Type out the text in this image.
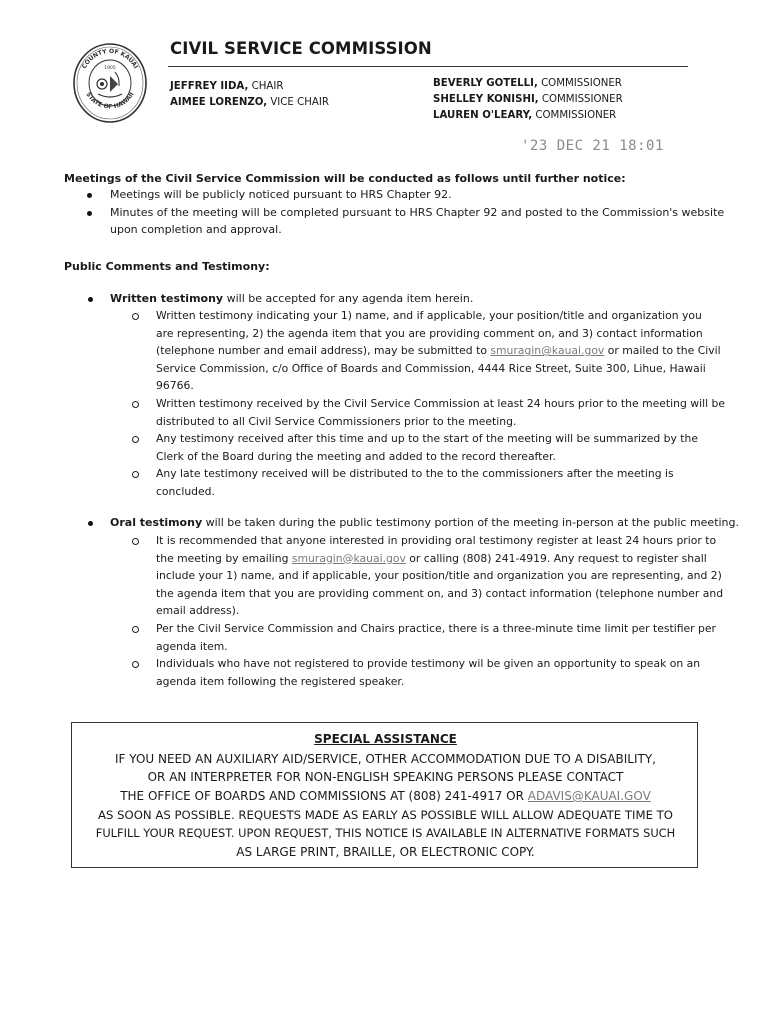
COUNTY OF KAUAI
STATE OF HAWAII
1905
CIVIL SERVICE COMMISSION
JEFFREY IIDA, CHAIR
AIMEE LORENZO, VICE CHAIR
BEVERLY GOTELLI, COMMISSIONER
SHELLEY KONISHI, COMMISSIONER
LAUREN O'LEARY, COMMISSIONER
'23 DEC 21 18:01
Meetings of the Civil Service Commission will be conducted as follows until further notice:
Meetings will be publicly noticed pursuant to HRS Chapter 92.
Minutes of the meeting will be completed pursuant to HRS Chapter 92 and posted to the Commission's website
upon completion and approval.
Public Comments and Testimony:
Written testimony will be accepted for any agenda item herein.
Written testimony indicating your 1) name, and if applicable, your position/title and organization you
are representing, 2) the agenda item that you are providing comment on, and 3) contact information
(telephone number and email address), may be submitted to smuragin@kauai.gov or mailed to the Civil
Service Commission, c/o Office of Boards and Commission, 4444 Rice Street, Suite 300, Lihue, Hawaii
96766.
Written testimony received by the Civil Service Commission at least 24 hours prior to the meeting will be
distributed to all Civil Service Commissioners prior to the meeting.
Any testimony received after this time and up to the start of the meeting will be summarized by the
Clerk of the Board during the meeting and added to the record thereafter.
Any late testimony received will be distributed to the to the commissioners after the meeting is
concluded.
Oral testimony will be taken during the public testimony portion of the meeting in-person at the public meeting.
It is recommended that anyone interested in providing oral testimony register at least 24 hours prior to
the meeting by emailing smuragin@kauai.gov or calling (808) 241-4919. Any request to register shall
include your 1) name, and if applicable, your position/title and organization you are representing, and 2)
the agenda item that you are providing comment on, and 3) contact information (telephone number and
email address).
Per the Civil Service Commission and Chairs practice, there is a three-minute time limit per testifier per
agenda item.
Individuals who have not registered to provide testimony wil be given an opportunity to speak on an
agenda item following the registered speaker.
SPECIAL ASSISTANCE
IF YOU NEED AN AUXILIARY AID/SERVICE, OTHER ACCOMMODATION DUE TO A DISABILITY,
OR AN INTERPRETER FOR NON-ENGLISH SPEAKING PERSONS PLEASE CONTACT
THE OFFICE OF BOARDS AND COMMISSIONS AT (808) 241-4917 OR ADAVIS@KAUAI.GOV
AS SOON AS POSSIBLE. REQUESTS MADE AS EARLY AS POSSIBLE WILL ALLOW ADEQUATE TIME TO
FULFILL YOUR REQUEST. UPON REQUEST, THIS NOTICE IS AVAILABLE IN ALTERNATIVE FORMATS SUCH
AS LARGE PRINT, BRAILLE, OR ELECTRONIC COPY.
